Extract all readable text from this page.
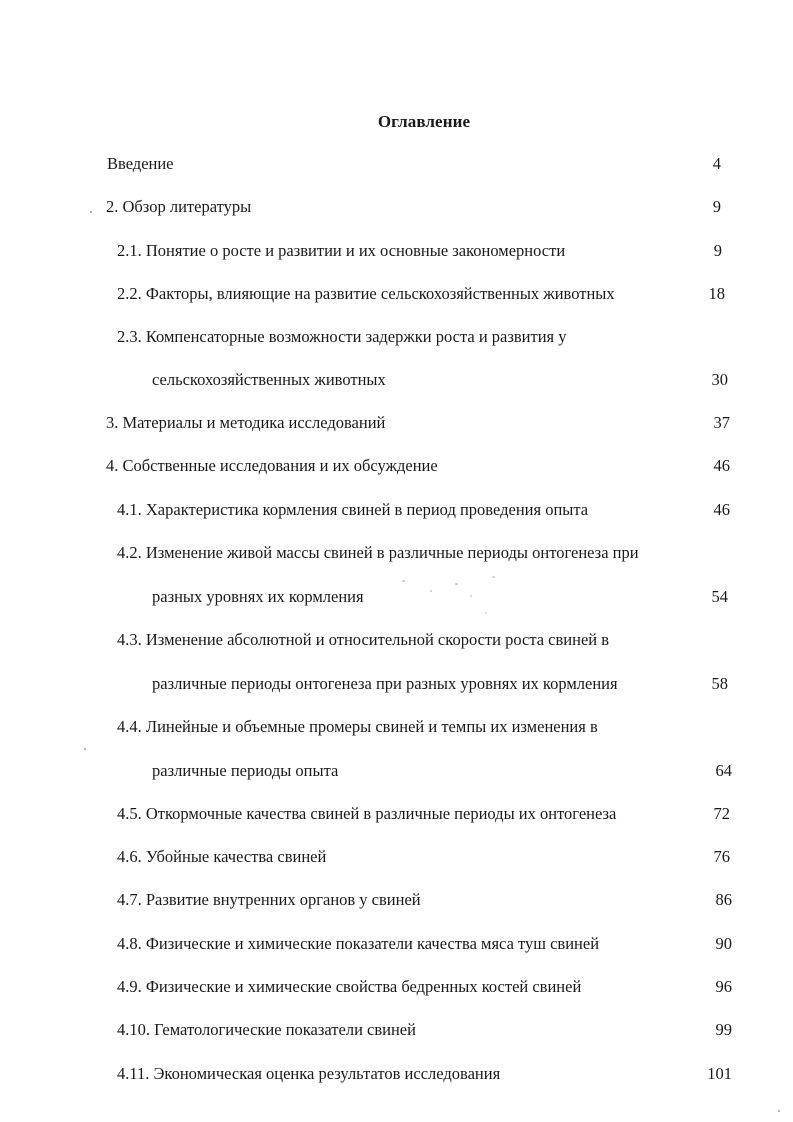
Оглавление
Введение	4
2. Обзор литературы	9
2.1. Понятие о росте и развитии и их основные закономерности	9
2.2. Факторы, влияющие на развитие сельскохозяйственных животных	18
2.3. Компенсаторные возможности задержки роста и развития у
сельскохозяйственных животных	30
3. Материалы и методика исследований	37
4. Собственные исследования и их обсуждение	46
4.1. Характеристика кормления свиней в период проведения опыта	46
4.2. Изменение живой массы свиней в различные периоды онтогенеза при
разных уровнях их кормления	54
4.3. Изменение абсолютной и относительной скорости роста свиней в
различные периоды онтогенеза при разных уровнях их кормления	58
4.4. Линейные и объемные промеры свиней и темпы их изменения в
различные периоды опыта	64
4.5. Откормочные качества свиней в различные периоды их онтогенеза	72
4.6. Убойные качества свиней	76
4.7. Развитие внутренних органов у свиней	86
4.8. Физические и химические показатели качества мяса туш свиней	90
4.9. Физические и химические свойства бедренных костей свиней	96
4.10. Гематологические показатели свиней	99
4.11. Экономическая оценка результатов исследования	101
